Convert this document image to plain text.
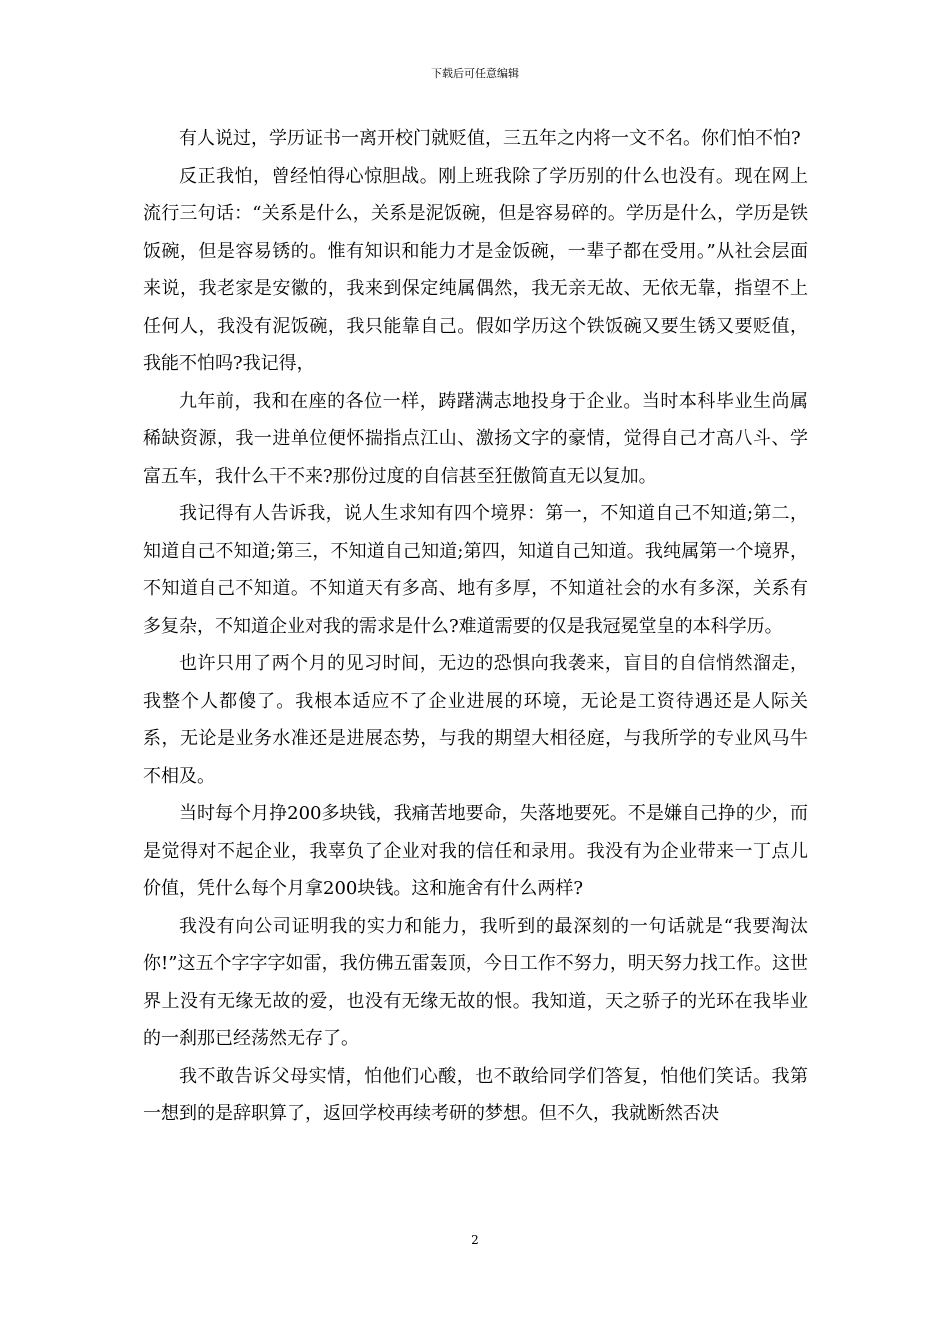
下载后可任意编辑

有人说过，学历证书一离开校门就贬值，三五年之内将一文不名。你们怕不怕?

反正我怕，曾经怕得心惊胆战。刚上班我除了学历别的什么也没有。现在网上流行三句话：“关系是什么，关系是泥饭碗，但是容易碎的。学历是什么，学历是铁饭碗，但是容易锈的。惟有知识和能力才是金饭碗，一辈子都在受用。”从社会层面来说，我老家是安徽的，我来到保定纯属偶然，我无亲无故、无依无靠，指望不上任何人，我没有泥饭碗，我只能靠自己。假如学历这个铁饭碗又要生锈又要贬值，我能不怕吗?我记得，

九年前，我和在座的各位一样，踌躇满志地投身于企业。当时本科毕业生尚属稀缺资源，我一进单位便怀揣指点江山、激扬文字的豪情，觉得自己才高八斗、学富五车，我什么干不来?那份过度的自信甚至狂傲简直无以复加。

我记得有人告诉我，说人生求知有四个境界：第一，不知道自己不知道;第二，知道自己不知道;第三，不知道自己知道;第四，知道自己知道。我纯属第一个境界，不知道自己不知道。不知道天有多高、地有多厚，不知道社会的水有多深，关系有多复杂，不知道企业对我的需求是什么?难道需要的仅是我冠冕堂皇的本科学历。

也许只用了两个月的见习时间，无边的恐惧向我袭来，盲目的自信悄然溜走，我整个人都傻了。我根本适应不了企业进展的环境，无论是工资待遇还是人际关系，无论是业务水准还是进展态势，与我的期望大相径庭，与我所学的专业风马牛不相及。

当时每个月挣200多块钱，我痛苦地要命，失落地要死。不是嫌自己挣的少，而是觉得对不起企业，我辜负了企业对我的信任和录用。我没有为企业带来一丁点儿价值，凭什么每个月拿200块钱。这和施舍有什么两样?

我没有向公司证明我的实力和能力，我听到的最深刻的一句话就是“我要淘汰你!”这五个字字字如雷，我仿佛五雷轰顶，今日工作不努力，明天努力找工作。这世界上没有无缘无故的爱，也没有无缘无故的恨。我知道，天之骄子的光环在我毕业的一刹那已经荡然无存了。

我不敢告诉父母实情，怕他们心酸，也不敢给同学们答复，怕他们笑话。我第一想到的是辞职算了，返回学校再续考研的梦想。但不久，我就断然否决

2
